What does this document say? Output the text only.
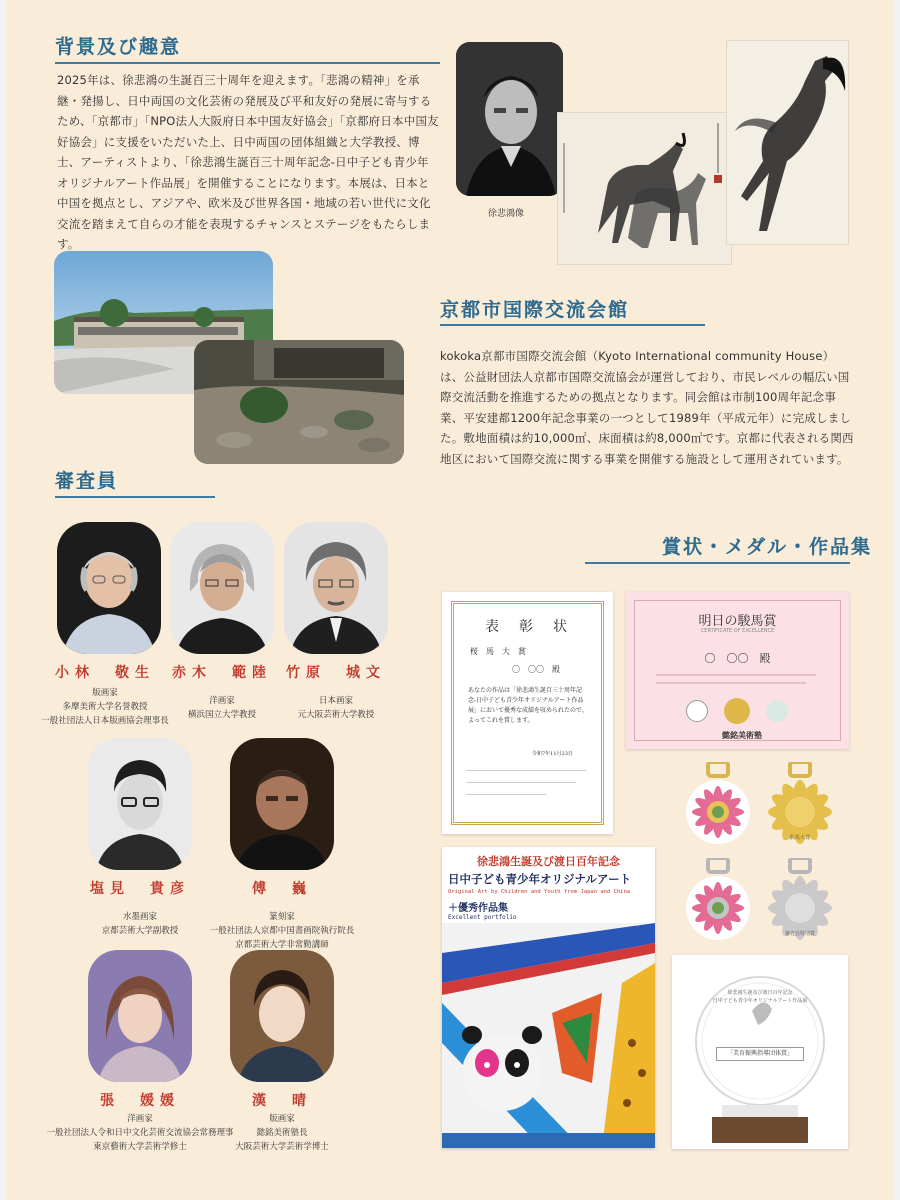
背景及び趣意
2025年は、徐悲鴻の生誕百三十周年を迎えます。「悲鴻の精神」を承継・発揚し、日中両国の文化芸術の発展及び平和友好の発展に寄与するため、「京都市」「NPO法人大阪府日本中国友好協会」「京都府日本中国友好協会」に支援をいただいた上、日中両国の団体組織と大学教授、博士、アーティストより、「徐悲鴻生誕百三十周年記念-日中子ども青少年オリジナルアート作品展」を開催することになります。本展は、日本と中国を拠点とし、アジアや、欧米及び世界各国・地域の若い世代に文化交流を踏まえて自らの才能を表現するチャンスとステージをもたらします。
徐悲鴻像
京都市国際交流会館
kokoka京都市国際交流会館（Kyoto International community House）は、公益財団法人京都市国際交流協会が運営しており、市民レベルの幅広い国際交流活動を推進するための拠点となります。同会館は市制100周年記念事業、平安建都1200年記念事業の一つとして1989年（平成元年）に完成しました。敷地面積は約10,000㎡、床面積は約8,000㎡です。京都に代表される関西地区において国際交流に関する事業を開催する施設として運用されています。
審査員
小林　敬生
版画家
多摩美術大学名誉教授
一般社団法人日本版画協会理事長
赤木　範陸
洋画家
横浜国立大学教授
竹原　城文
日本画家
元大阪芸術大学教授
塩見　貴彦
水墨画家
京都芸術大学副教授
傅　巍
篆刻家
一般社団法人京都中国書画院執行院長
京都芸術大学非常勤講師
張　媛媛
洋画家
一般社団法人令和日中文化芸術交流協会常務理事
東京藝術大学芸術学修士
漢　晴
版画家
懿銘美術塾長
大阪芸術大学芸術学博士
賞状・メダル・作品集
表　彰　状
桜　馬　大　賞
〇　〇〇　殿
あなたの作品は「徐悲鴻生誕百三十周年記念-日中子ども青少年オリジナルアート作品展」において優秀な成績を収められたので、よってこれを賞します。
令和7年11月23日
明日の駿馬賞
CERTIFICATE OF EXCELLENCE
〇　〇〇　殿
懿銘美術塾
駿馬大賞
審査員特別賞
徐悲鴻生誕及び渡日百年記念
日中子ども青少年オリジナルアート
Original Art by Children and Youth from Japan and China
＋優秀作品集
Excellent portfolio
徐悲鴻生誕及び渡日百年記念
日中子ども青少年オリジナルアート作品展
「美育振興指導団体賞」
